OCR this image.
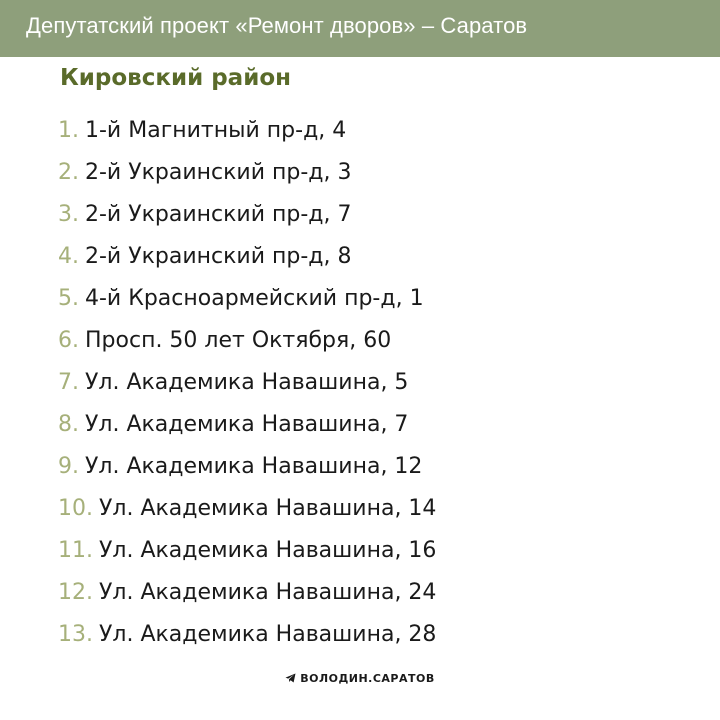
Депутатский проект «Ремонт дворов» – Саратов
Кировский район
1. 1-й Магнитный пр-д, 4
2. 2-й Украинский пр-д, 3
3. 2-й Украинский пр-д, 7
4. 2-й Украинский пр-д, 8
5. 4-й Красноармейский пр-д, 1
6. Просп. 50 лет Октября, 60
7. Ул. Академика Навашина, 5
8. Ул. Академика Навашина, 7
9. Ул. Академика Навашина, 12
10. Ул. Академика Навашина, 14
11. Ул. Академика Навашина, 16
12. Ул. Академика Навашина, 24
13. Ул. Академика Навашина, 28
ВОЛОДИН.САРАТОВ
